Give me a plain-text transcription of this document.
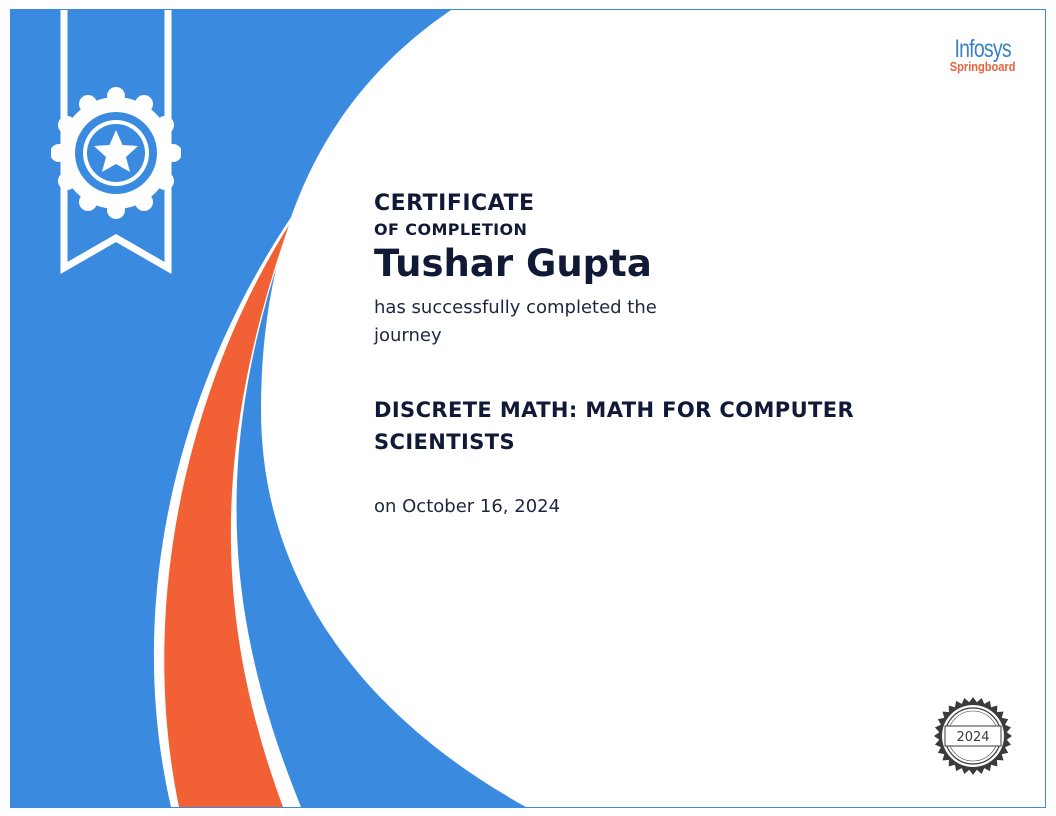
Infosys
Springboard
CERTIFICATE
OF COMPLETION
Tushar Gupta
has successfully completed the journey
DISCRETE MATH: MATH FOR COMPUTER SCIENTISTS
on October 16, 2024
2024
